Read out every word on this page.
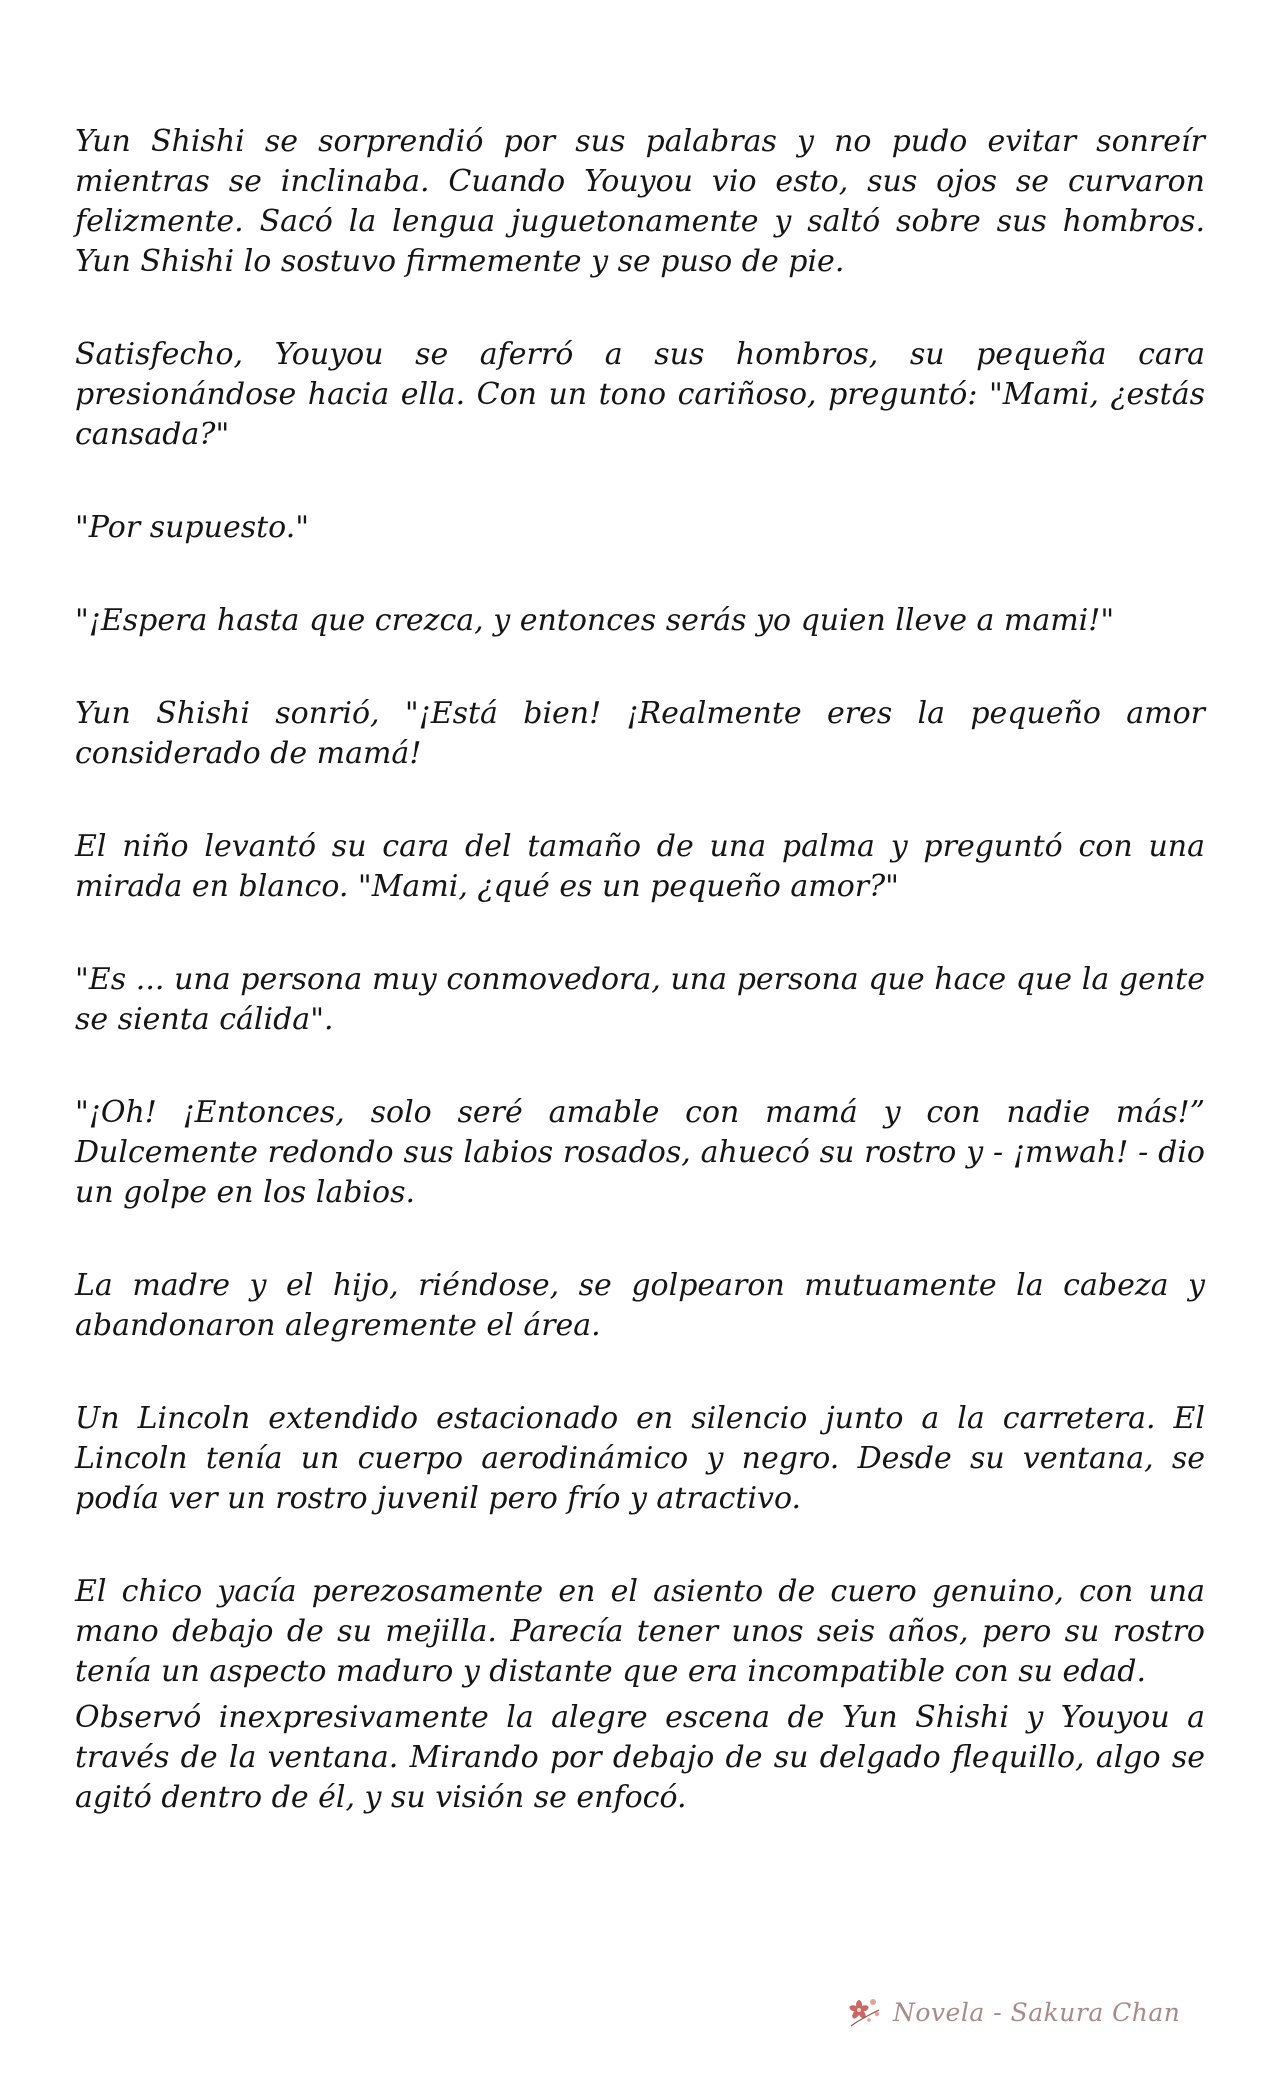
Yun Shishi se sorprendió por sus palabras y no pudo evitar sonreír mientras se inclinaba. Cuando Youyou vio esto, sus ojos se curvaron felizmente. Sacó la lengua juguetonamente y saltó sobre sus hombros. Yun Shishi lo sostuvo firmemente y se puso de pie.

Satisfecho, Youyou se aferró a sus hombros, su pequeña cara presionándose hacia ella. Con un tono cariñoso, preguntó: "Mami, ¿estás cansada?"

"Por supuesto."

"¡Espera hasta que crezca, y entonces serás yo quien lleve a mami!"

Yun Shishi sonrió, "¡Está bien! ¡Realmente eres la pequeño amor considerado de mamá!

El niño levantó su cara del tamaño de una palma y preguntó con una mirada en blanco. "Mami, ¿qué es un pequeño amor?"

"Es ... una persona muy conmovedora, una persona que hace que la gente se sienta cálida".

"¡Oh! ¡Entonces, solo seré amable con mamá y con nadie más!” Dulcemente redondo sus labios rosados, ahuecó su rostro y - ¡mwah! - dio un golpe en los labios.

La madre y el hijo, riéndose, se golpearon mutuamente la cabeza y abandonaron alegremente el área.

Un Lincoln extendido estacionado en silencio junto a la carretera. El Lincoln tenía un cuerpo aerodinámico y negro. Desde su ventana, se podía ver un rostro juvenil pero frío y atractivo.

El chico yacía perezosamente en el asiento de cuero genuino, con una mano debajo de su mejilla. Parecía tener unos seis años, pero su rostro tenía un aspecto maduro y distante que era incompatible con su edad.

Observó inexpresivamente la alegre escena de Yun Shishi y Youyou a través de la ventana. Mirando por debajo de su delgado flequillo, algo se agitó dentro de él, y su visión se enfocó.

Novela - Sakura Chan
